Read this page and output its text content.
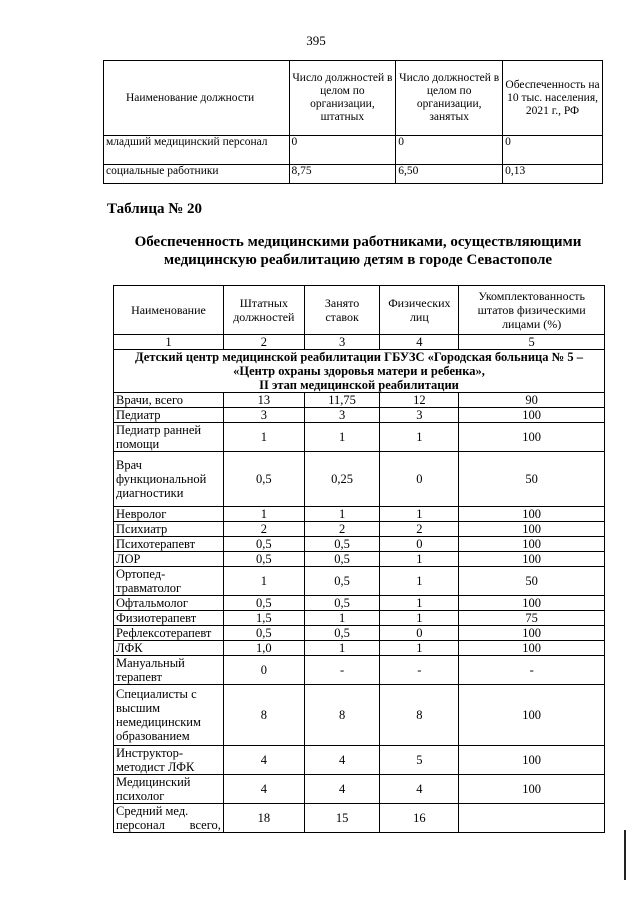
395
Наименование должности	Число должностей в целом по организации, штатных	Число должностей в целом по организации, занятых	Обеспеченность на 10 тыс. населения, 2021 г., РФ
младший медицинский персонал	0	0	0
социальные работники	8,75	6,50	0,13
Таблица № 20
Обеспеченность медицинскими работниками, осуществляющими медицинскую реабилитацию детям в городе Севастополе
Наименование	Штатных должностей	Занято ставок	Физических лиц	Укомплектованность штатов физическими лицами (%)
1	2	3	4	5

Детский центр медицинской реабилитации ГБУЗС «Городская больница № 5 –
«Центр охраны здоровья матери и ребенка»,
II этап медицинской реабилитации				

Врачи, всего	13	11,75	12	90
Педиатр	3	3	3	100
Педиатр ранней помощи	1	1	1	100
Врач функциональной диагностики	0,5	0,25	0	50
Невролог	1	1	1	100
Психиатр	2	2	2	100
Психотерапевт	0,5	0,5	0	100
ЛОР	0,5	0,5	1	100
Ортопед-травматолог	1	0,5	1	50
Офтальмолог	0,5	0,5	1	100
Физиотерапевт	1,5	1	1	75
Рефлексотерапевт	0,5	0,5	0	100
ЛФК	1,0	1	1	100
Мануальный терапевт	0	-	-	-
Специалисты с высшим немедицинским образованием	8	8	8	100
Инструктор-методист ЛФК	4	4	5	100
Медицинский психолог	4	4	4	100
Средний мед. персонал всего,	18	15	16	
